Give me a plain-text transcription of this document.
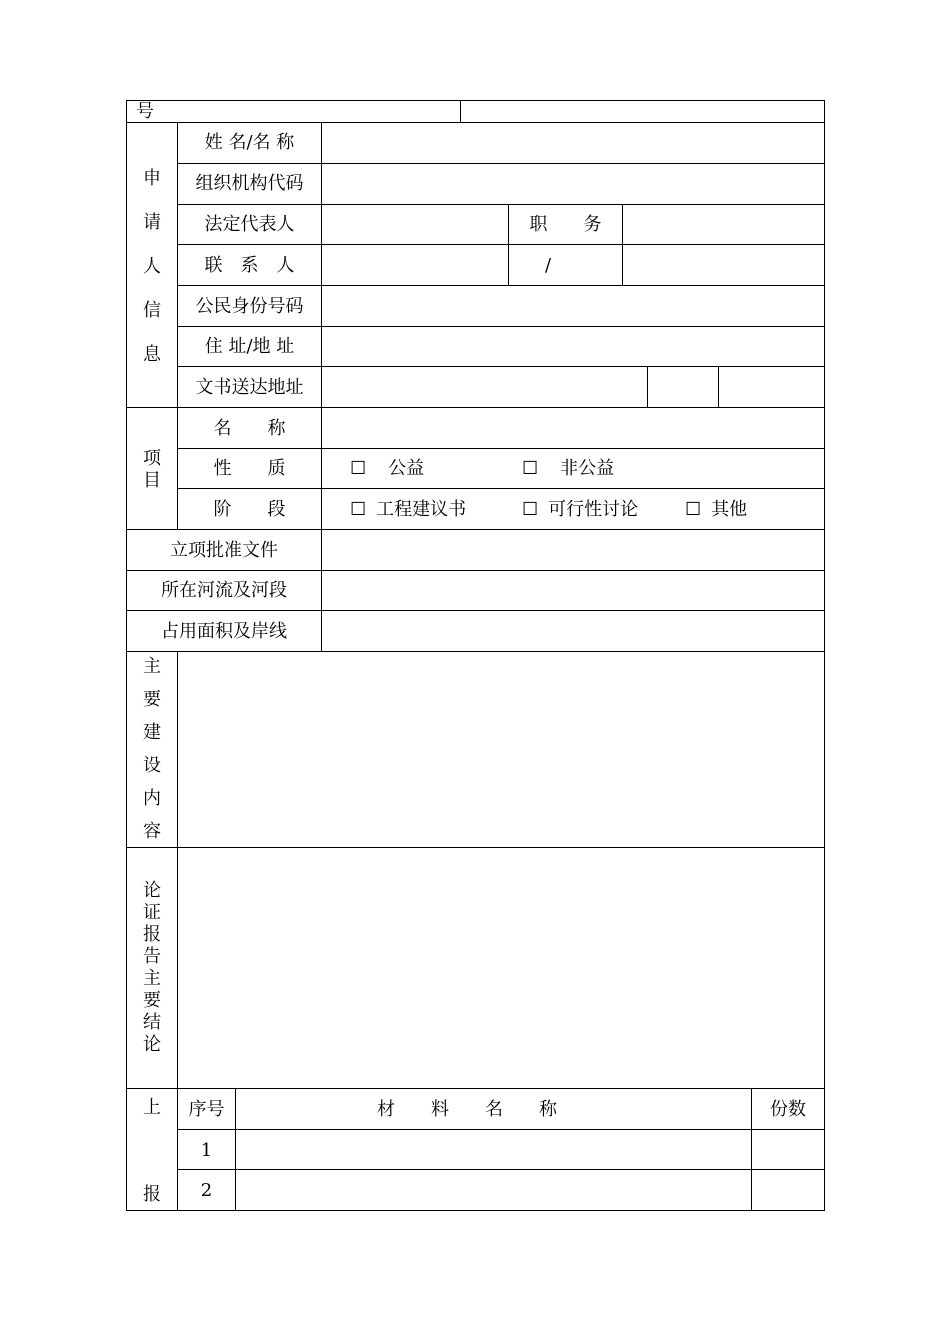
号
申
请
人
信
息
姓 名/名 称
组织机构代码
法定代表人	职　　务
联　系　人	/
公民身份号码
住 址/地 址
文书送达地址
项
目
名　　称
性　　质	☐ 公益	☐ 非公益
阶　　段	☐ 工程建议书	☐ 可行性讨论	☐ 其他
立项批准文件
所在河流及河段
占用面积及岸线
主
要
建
设
内
容
论
证
报
告
主
要
结
论
上
报
序号	材　　料　　名　　称	份数
1
2
